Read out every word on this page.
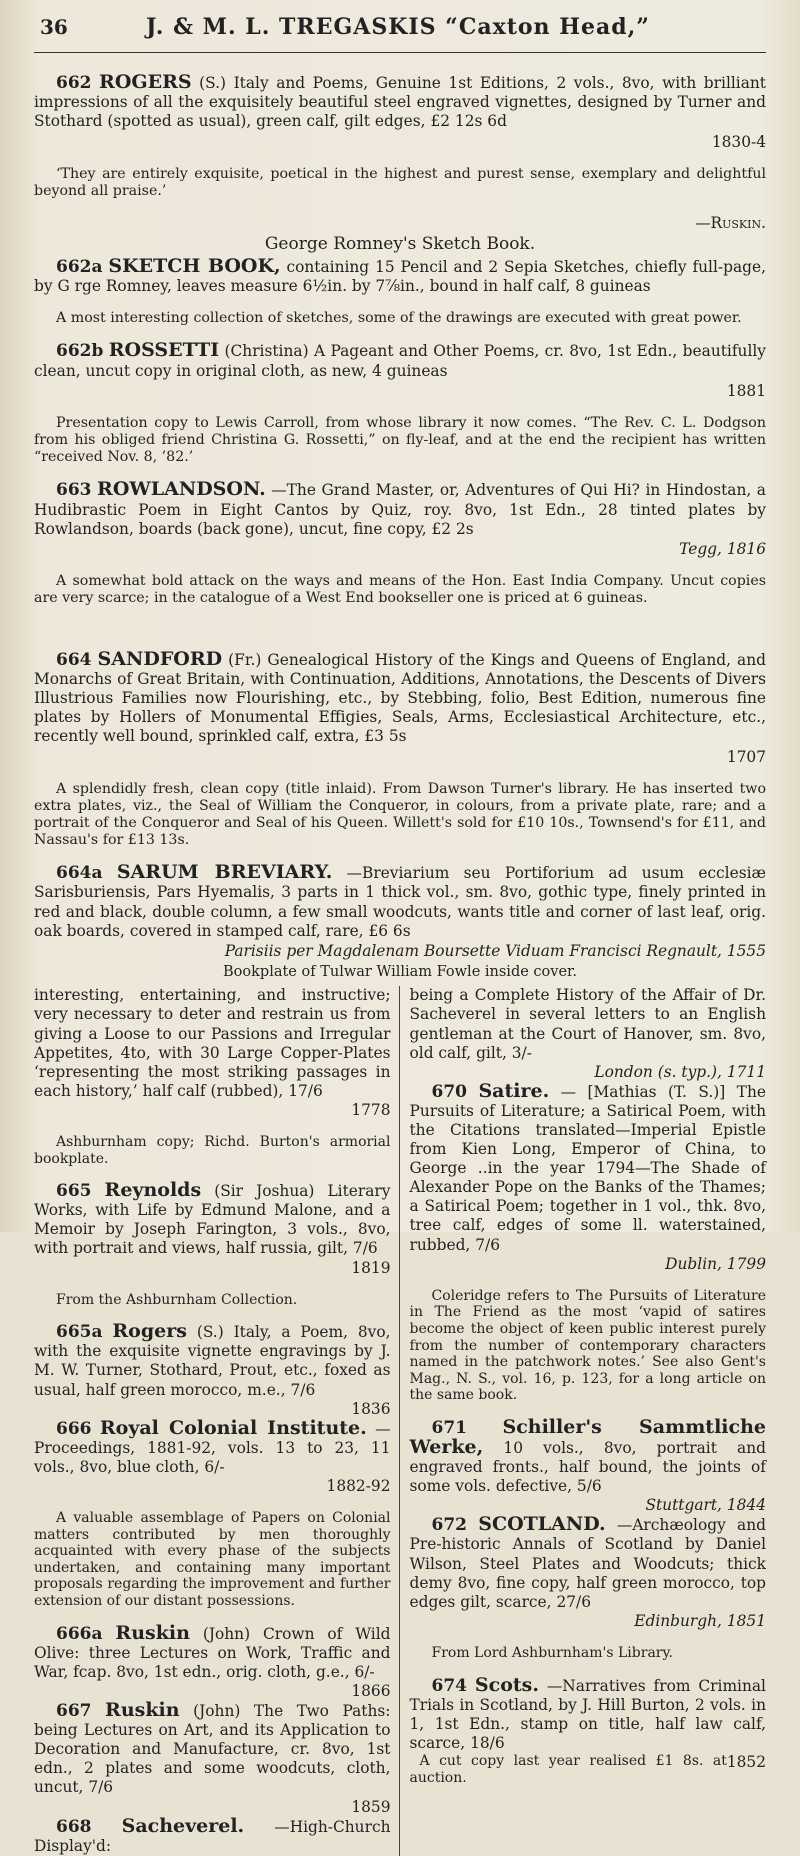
36	J. & M. L. TREGASKIS “Caxton Head,”

662 ROGERS (S.) Italy and Poems, Genuine 1st Editions, 2 vols., 8vo, with brilliant impressions of all the exquisitely beautiful steel engraved vignettes, designed by Turner and Stothard (spotted as usual), green calf, gilt edges, £2 12s 6d

1830-4

‘They are entirely exquisite, poetical in the highest and purest sense, exemplary and delightful beyond all praise.’

—Ruskin.
George Romney's Sketch Book.

662a SKETCH BOOK, containing 15 Pencil and 2 Sepia Sketches, chiefly full-page, by G rge Romney, leaves measure 6½in. by 7⅞in., bound in half calf, 8 guineas

A most interesting collection of sketches, some of the drawings are executed with great power.

662b ROSSETTI (Christina) A Pageant and Other Poems, cr. 8vo, 1st Edn., beautifully clean, uncut copy in original cloth, as new, 4 guineas

1881

Presentation copy to Lewis Carroll, from whose library it now comes. “The Rev. C. L. Dodgson from his obliged friend Christina G. Rossetti,” on fly-leaf, and at the end the recipient has written “received Nov. 8, ’82.’

663 ROWLANDSON. —The Grand Master, or, Adventures of Qui Hi? in Hindostan, a Hudibrastic Poem in Eight Cantos by Quiz, roy. 8vo, 1st Edn., 28 tinted plates by Rowlandson, boards (back gone), uncut, fine copy, £2 2s

Tegg, 1816

A somewhat bold attack on the ways and means of the Hon. East India Company. Uncut copies are very scarce; in the catalogue of a West End bookseller one is priced at 6 guineas.

664 SANDFORD (Fr.) Genealogical History of the Kings and Queens of England, and Monarchs of Great Britain, with Continuation, Additions, Annotations, the Descents of Divers Illustrious Families now Flourishing, etc., by Stebbing, folio, Best Edition, numerous fine plates by Hollers of Monumental Effigies, Seals, Arms, Ecclesiastical Architecture, etc., recently well bound, sprinkled calf, extra, £3 5s

1707

A splendidly fresh, clean copy (title inlaid). From Dawson Turner's library. He has inserted two extra plates, viz., the Seal of William the Conqueror, in colours, from a private plate, rare; and a portrait of the Conqueror and Seal of his Queen. Willett's sold for £10 10s., Townsend's for £11, and Nassau's for £13 13s.

664a SARUM BREVIARY. —Breviarium seu Portiforium ad usum ecclesiæ Sarisburiensis, Pars Hyemalis, 3 parts in 1 thick vol., sm. 8vo, gothic type, finely printed in red and black, double column, a few small woodcuts, wants title and corner of last leaf, orig. oak boards, covered in stamped calf, rare, £6 6s

Parisiis per Magdalenam Boursette Viduam Francisci Regnault, 1555
Bookplate of Tulwar William Fowle inside cover.

interesting, entertaining, and instructive; very necessary to deter and restrain us from giving a Loose to our Passions and Irregular Appetites, 4to, with 30 Large Copper-Plates ‘representing the most striking passages in each history,’ half calf (rubbed), 17/6

1778

Ashburnham copy; Richd. Burton's armorial bookplate.

665 Reynolds (Sir Joshua) Literary Works, with Life by Edmund Malone, and a Memoir by Joseph Farington, 3 vols., 8vo, with portrait and views, half russia, gilt, 7/6

1819

From the Ashburnham Collection.

665a Rogers (S.) Italy, a Poem, 8vo, with the exquisite vignette engravings by J. M. W. Turner, Stothard, Prout, etc., foxed as usual, half green morocco, m.e., 7/6

1836

666 Royal Colonial Institute. —Proceedings, 1881-92, vols. 13 to 23, 11 vols., 8vo, blue cloth, 6/-

1882-92

A valuable assemblage of Papers on Colonial matters contributed by men thoroughly acquainted with every phase of the subjects undertaken, and containing many important proposals regarding the improvement and further extension of our distant possessions.

666a Ruskin (John) Crown of Wild Olive: three Lectures on Work, Traffic and War, fcap. 8vo, 1st edn., orig. cloth, g.e., 6/-

1866

667 Ruskin (John) The Two Paths: being Lectures on Art, and its Application to Decoration and Manufacture, cr. 8vo, 1st edn., 2 plates and some woodcuts, cloth, uncut, 7/6

1859

668 Sacheverel. —High-Church Display'd:

being a Complete History of the Affair of Dr. Sacheverel in several letters to an English gentleman at the Court of Hanover, sm. 8vo, old calf, gilt, 3/-

London (s. typ.), 1711

670 Satire. — [Mathias (T. S.)] The Pursuits of Literature; a Satirical Poem, with the Citations translated—Imperial Epistle from Kien Long, Emperor of China, to George ..in the year 1794—The Shade of Alexander Pope on the Banks of the Thames; a Satirical Poem; together in 1 vol., thk. 8vo, tree calf, edges of some ll. waterstained, rubbed, 7/6

Dublin, 1799

Coleridge refers to The Pursuits of Literature in The Friend as the most ‘vapid of satires become the object of keen public interest purely from the number of contemporary characters named in the patchwork notes.’ See also Gent's Mag., N. S., vol. 16, p. 123, for a long article on the same book.

671 Schiller's Sammtliche Werke, 10 vols., 8vo, portrait and engraved fronts., half bound, the joints of some vols. defective, 5/6

Stuttgart, 1844

672 SCOTLAND. —Archæology and Pre-historic Annals of Scotland by Daniel Wilson, Steel Plates and Woodcuts; thick demy 8vo, fine copy, half green morocco, top edges gilt, scarce, 27/6

Edinburgh, 1851

From Lord Ashburnham's Library.

674 Scots. —Narratives from Criminal Trials in Scotland, by J. Hill Burton, 2 vols. in 1, 1st Edn., stamp on title, half law calf, scarce, 18/6

A cut copy last year realised £1 8s. at auction.
1852
